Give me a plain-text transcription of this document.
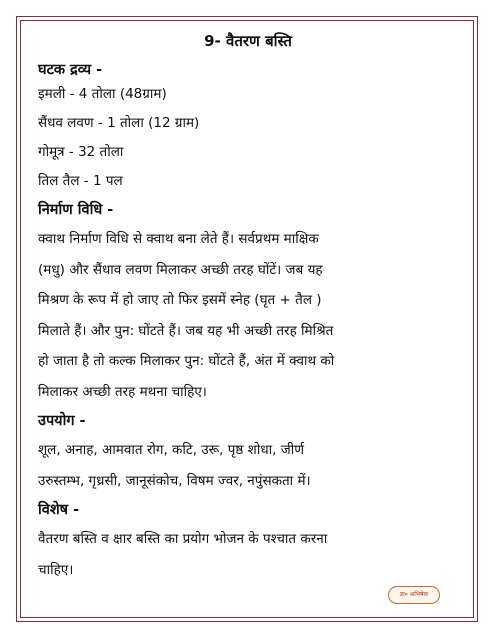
9- वैतरण बस्ति
घटक द्रव्य -
इमली - 4 तोला (48ग्राम)
सैंधव लवण - 1 तोला (12 ग्राम)
गोमूत्र - 32 तोला
तिल तैल - 1 पल
निर्माण विधि -
क्वाथ निर्माण विधि से क्वाथ बना लेते हैं। सर्वप्रथम माक्षिक
(मधु) और सैंधाव लवण मिलाकर अच्छी तरह घोंटें। जब यह
मिश्रण के रूप में हो जाए तो फिर इसमें स्नेह (घृत + तैल )
मिलाते हैं। और पुन: घोंटते हैं। जब यह भी अच्छी तरह मिश्रित
हो जाता है तो कल्क मिलाकर पुन: घोंटते हैं, अंत में क्वाथ को
मिलाकर अच्छी तरह मथना चाहिए।
उपयोग -
शूल, अनाह, आमवात रोग, कटि, उरू, पृष्ठ शोधा, जीर्ण
उरुस्तम्भ, गृध्रसी, जानूसंकोच, विषम ज्वर, नपुंसकता में।
विशेष -
वैतरण बस्ति व क्षार बस्ति का प्रयोग भोजन के पश्चात करना
चाहिए।
डा० अभिषेक
